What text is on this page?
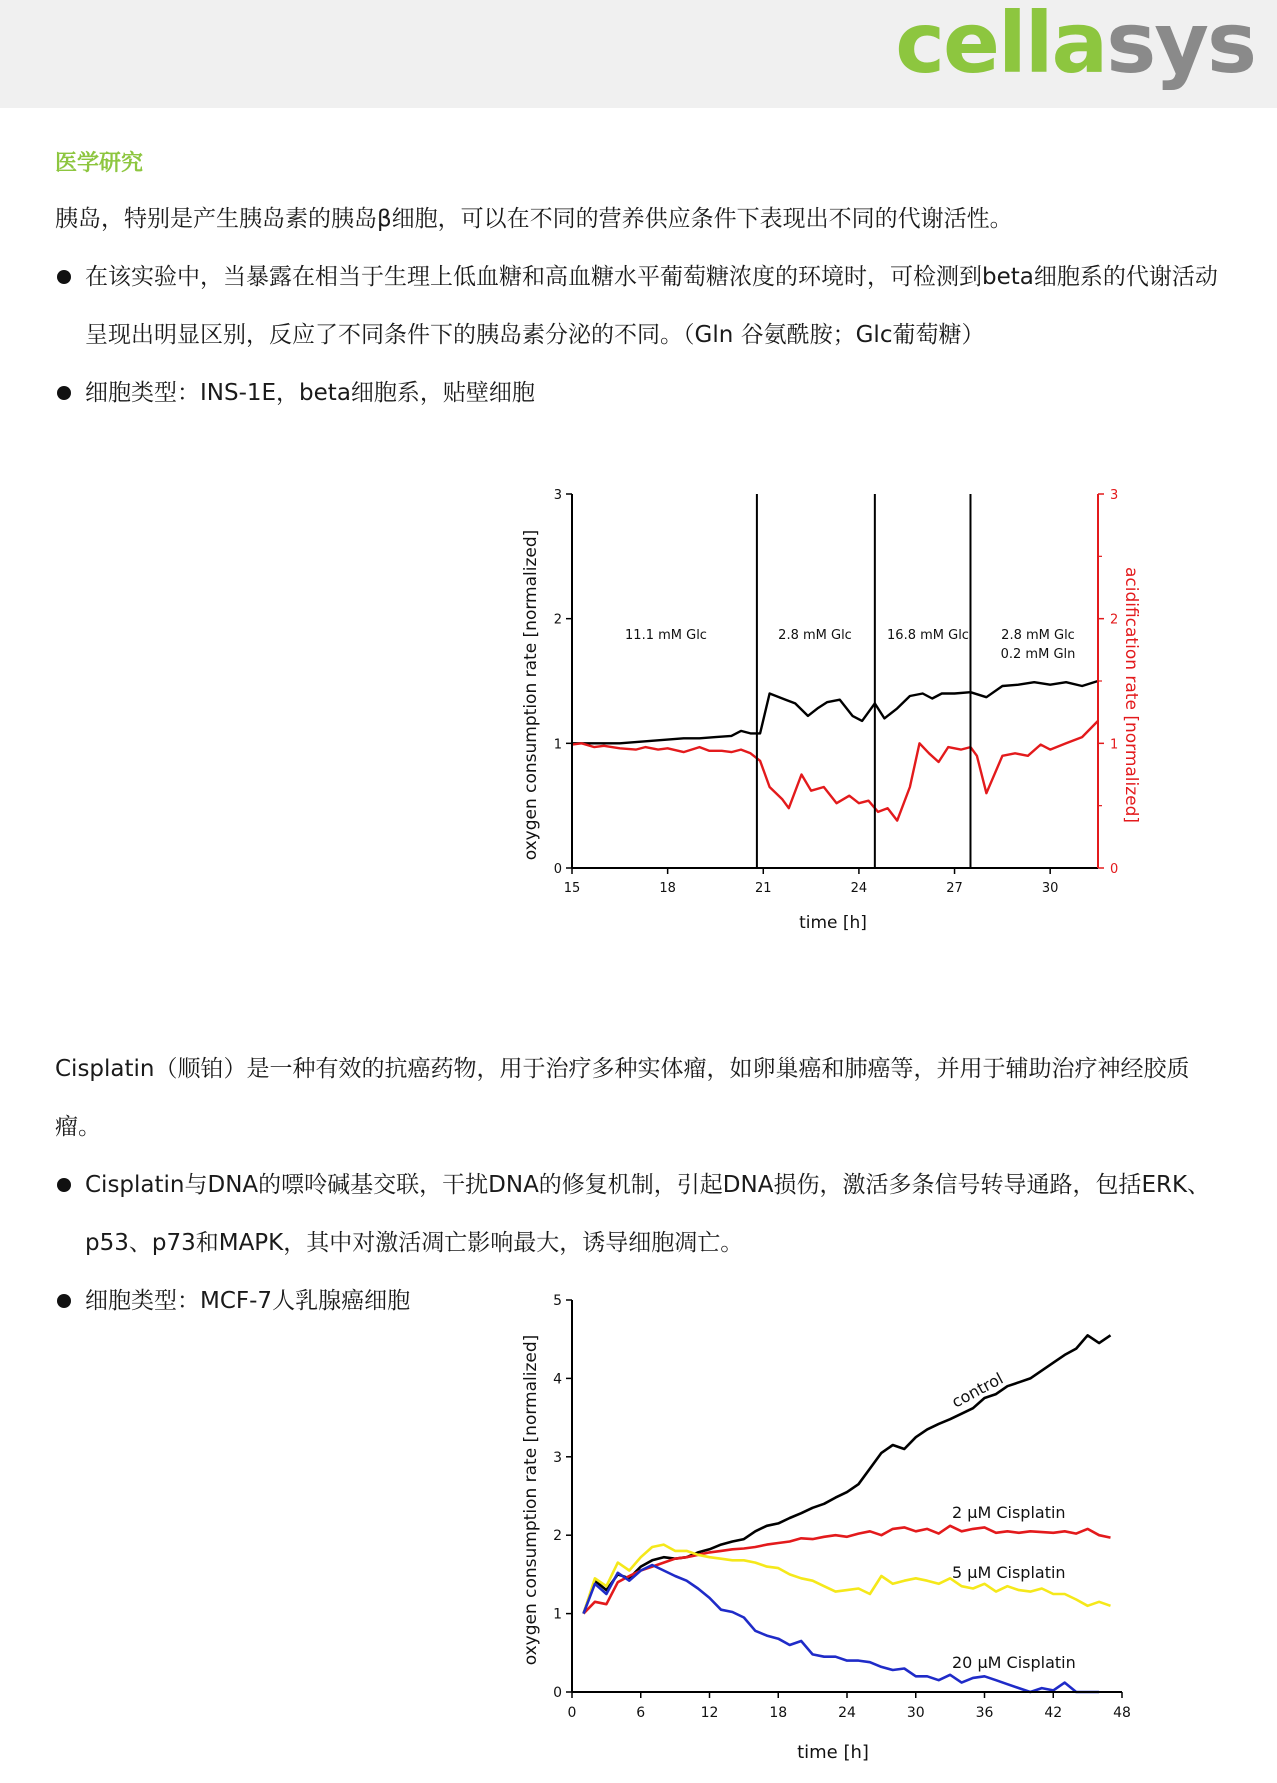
cellasys
医学研究
胰岛，特别是产生胰岛素的胰岛β细胞，可以在不同的营养供应条件下表现出不同的代谢活性。
在该实验中，当暴露在相当于生理上低血糖和高血糖水平葡萄糖浓度的环境时，可检测到beta细胞系的代谢活动呈现出明显区别，反应了不同条件下的胰岛素分泌的不同。（Gln 谷氨酰胺；Glc葡萄糖）
细胞类型：INS-1E，beta细胞系，贴壁细胞
15	18	21	24	27	30
0
1
2
3
0
1
2
3
oxygen consumption rate [normalized]	acidification rate [normalized]
time [h]
11.1 mM Glc	2.8 mM Glc	16.8 mM Glc 2.8 mM Glc
0.2 mM Gln
Cisplatin（顺铂）是一种有效的抗癌药物，用于治疗多种实体瘤，如卵巢癌和肺癌等，并用于辅助治疗神经胶质瘤。
Cisplatin与DNA的嘌呤碱基交联，干扰DNA的修复机制，引起DNA损伤，激活多条信号转导通路，包括ERK、p53、p73和MAPK，其中对激活凋亡影响最大，诱导细胞凋亡。
细胞类型：MCF-7人乳腺癌细胞
0	6	12	18	24	30	36	42	48
0
1
2
3
4
5
oxygen consumption rate [normalized]
time [h]
control
2 µM Cisplatin
5 µM Cisplatin
20 µM Cisplatin
